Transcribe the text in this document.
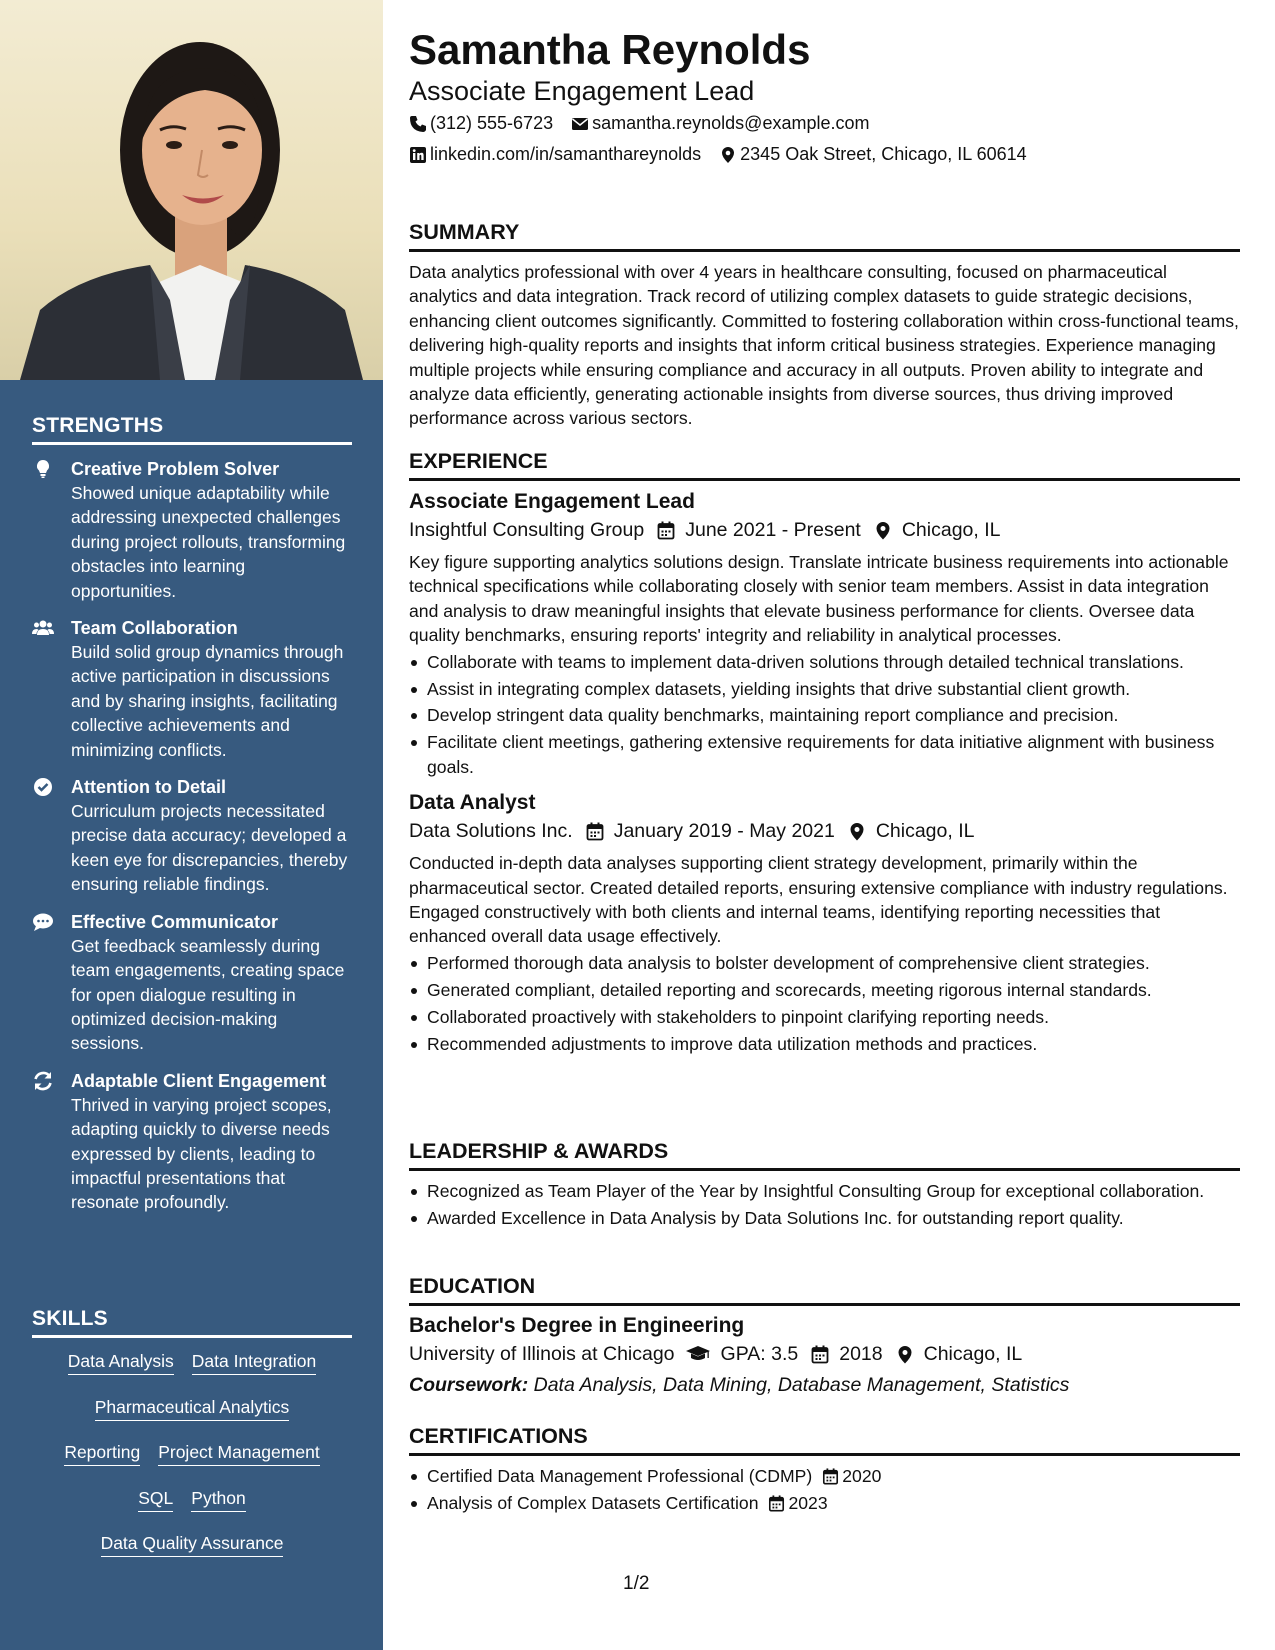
STRENGTHS
Creative Problem Solver
Showed unique adaptability while addressing unexpected challenges during project rollouts, transforming obstacles into learning opportunities.
Team Collaboration
Build solid group dynamics through active participation in discussions and by sharing insights, facilitating collective achievements and minimizing conflicts.
Attention to Detail
Curriculum projects necessitated precise data accuracy; developed a keen eye for discrepancies, thereby ensuring reliable findings.
Effective Communicator
Get feedback seamlessly during team engagements, creating space for open dialogue resulting in optimized decision-making sessions.
Adaptable Client Engagement
Thrived in varying project scopes, adapting quickly to diverse needs expressed by clients, leading to impactful presentations that resonate profoundly.
SKILLS
Data Analysis Data Integration
Pharmaceutical Analytics
Reporting Project Management
SQL Python
Data Quality Assurance
Samantha Reynolds
Associate Engagement Lead
(312) 555-6723 samantha.reynolds@example.com
linkedin.com/in/samanthareynolds 2345 Oak Street, Chicago, IL 60614
SUMMARY
Data analytics professional with over 4 years in healthcare consulting, focused on pharmaceutical analytics and data integration. Track record of utilizing complex datasets to guide strategic decisions, enhancing client outcomes significantly. Committed to fostering collaboration within cross-functional teams, delivering high-quality reports and insights that inform critical business strategies. Experience managing multiple projects while ensuring compliance and accuracy in all outputs. Proven ability to integrate and analyze data efficiently, generating actionable insights from diverse sources, thus driving improved performance across various sectors.
EXPERIENCE
Associate Engagement Lead
Insightful Consulting Group June 2021 - Present Chicago, IL
Key figure supporting analytics solutions design. Translate intricate business requirements into actionable technical specifications while collaborating closely with senior team members. Assist in data integration and analysis to draw meaningful insights that elevate business performance for clients. Oversee data quality benchmarks, ensuring reports' integrity and reliability in analytical processes.
Collaborate with teams to implement data-driven solutions through detailed technical translations.
Assist in integrating complex datasets, yielding insights that drive substantial client growth.
Develop stringent data quality benchmarks, maintaining report compliance and precision.
Facilitate client meetings, gathering extensive requirements for data initiative alignment with business goals.
Data Analyst
Data Solutions Inc. January 2019 - May 2021 Chicago, IL
Conducted in-depth data analyses supporting client strategy development, primarily within the pharmaceutical sector. Created detailed reports, ensuring extensive compliance with industry regulations. Engaged constructively with both clients and internal teams, identifying reporting necessities that enhanced overall data usage effectively.
Performed thorough data analysis to bolster development of comprehensive client strategies.
Generated compliant, detailed reporting and scorecards, meeting rigorous internal standards.
Collaborated proactively with stakeholders to pinpoint clarifying reporting needs.
Recommended adjustments to improve data utilization methods and practices.
LEADERSHIP & AWARDS
Recognized as Team Player of the Year by Insightful Consulting Group for exceptional collaboration.
Awarded Excellence in Data Analysis by Data Solutions Inc. for outstanding report quality.
EDUCATION
Bachelor's Degree in Engineering
University of Illinois at Chicago GPA: 3.5 2018 Chicago, IL
Coursework: Data Analysis, Data Mining, Database Management, Statistics
CERTIFICATIONS
Certified Data Management Professional (CDMP) 2020
Analysis of Complex Datasets Certification 2023
1/2
